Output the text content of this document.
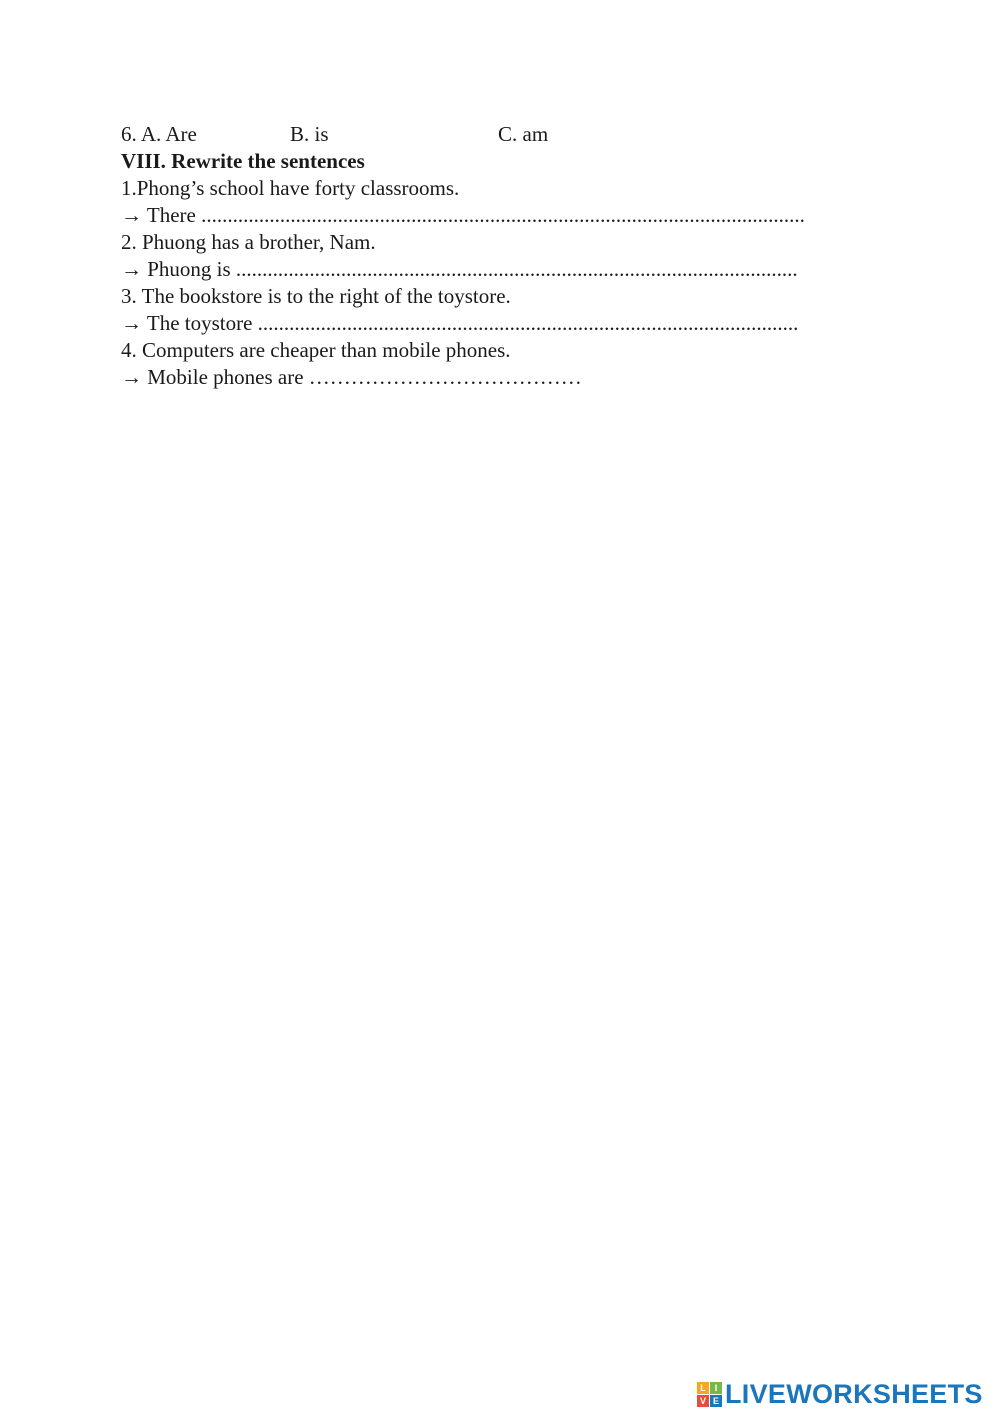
6. A. Are	B. is	C. am
VIII. Rewrite the sentences
1.Phong’s school have forty classrooms.
→ There ...................................................................................................................
2. Phuong has a brother, Nam.
→ Phuong is ...........................................................................................................
3. The bookstore is to the right of the toystore.
→ The toystore .......................................................................................................
4. Computers are cheaper than mobile phones.
→ Mobile phones are …………………………………
L I
V E LIVEWORKSHEETS
